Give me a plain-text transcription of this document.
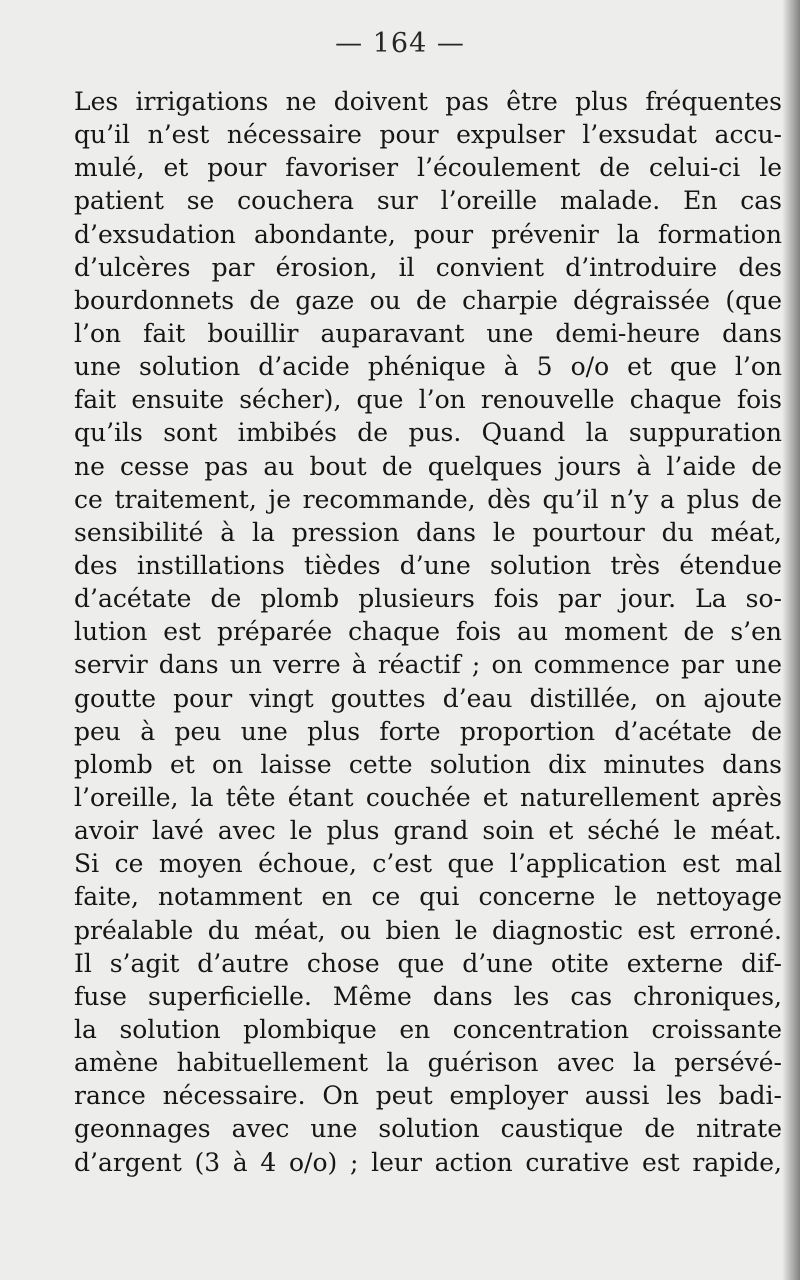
— 164 —
Les irrigations ne doivent pas être plus fréquentes
qu’il n’est nécessaire pour expulser l’exsudat accu-
mulé, et pour favoriser l’écoulement de celui-ci le
patient se couchera sur l’oreille malade. En cas
d’exsudation abondante, pour prévenir la formation
d’ulcères par érosion, il convient d’introduire des
bourdonnets de gaze ou de charpie dégraissée (que
l’on fait bouillir auparavant une demi-heure dans
une solution d’acide phénique à 5 o/o et que l’on
fait ensuite sécher), que l’on renouvelle chaque fois
qu’ils sont imbibés de pus. Quand la suppuration
ne cesse pas au bout de quelques jours à l’aide de
ce traitement, je recommande, dès qu’il n’y a plus de
sensibilité à la pression dans le pourtour du méat,
des instillations tièdes d’une solution très étendue
d’acétate de plomb plusieurs fois par jour. La so-
lution est préparée chaque fois au moment de s’en
servir dans un verre à réactif ; on commence par une
goutte pour vingt gouttes d’eau distillée, on ajoute
peu à peu une plus forte proportion d’acétate de
plomb et on laisse cette solution dix minutes dans
l’oreille, la tête étant couchée et naturellement après
avoir lavé avec le plus grand soin et séché le méat.
Si ce moyen échoue, c’est que l’application est mal
faite, notamment en ce qui concerne le nettoyage
préalable du méat, ou bien le diagnostic est erroné.
Il s’agit d’autre chose que d’une otite externe dif-
fuse superficielle. Même dans les cas chroniques,
la solution plombique en concentration croissante
amène habituellement la guérison avec la persévé-
rance nécessaire. On peut employer aussi les badi-
geonnages avec une solution caustique de nitrate
d’argent (3 à 4 o/o) ; leur action curative est rapide,
